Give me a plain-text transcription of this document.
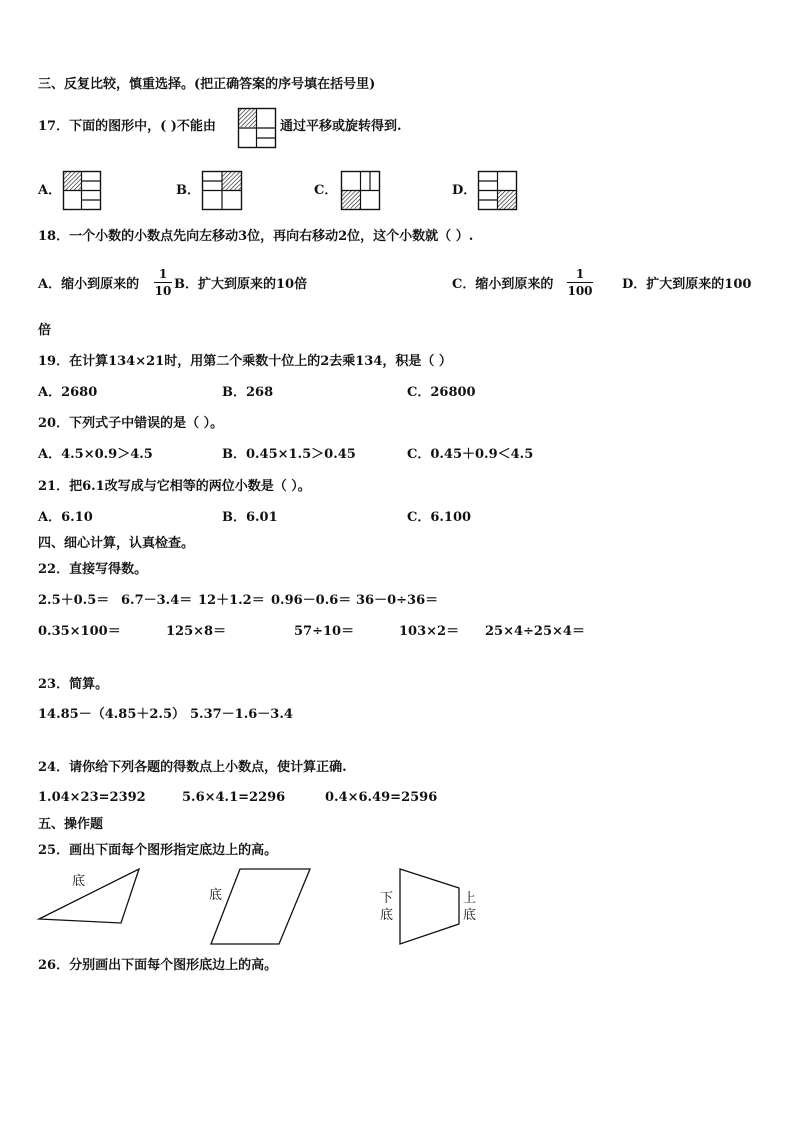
三、反复比较，慎重选择。(把正确答案的序号填在括号里)
17．下面的图形中，( )不能由	通过平移或旋转得到.
A．	B．	C．	D．
18．一个小数的小数点先向左移动3位，再向右移动2位，这个小数就（ ）.
A．缩小到原来的
1
10 B．扩大到原来的10倍	C．缩小到原来的
1
100 D．扩大到原来的100
倍
19．在计算134×21时，用第二个乘数十位上的2去乘134，积是（ ）
A．2680	B．268	C．26800
20．下列式子中错误的是（ ）。
A．4.5×0.9＞4.5	B．0.45×1.5＞0.45	C．0.45＋0.9＜4.5
21．把6.1改写成与它相等的两位小数是（ ）。
A．6.10	B．6.01	C．6.100
四、细心计算，认真检查。
22．直接写得数。
2.5＋0.5＝ 6.7－3.4＝ 12＋1.2＝ 0.96－0.6＝ 36－0÷36＝
0.35×100＝	125×8＝	57÷10＝	103×2＝ 25×4÷25×4＝
23．简算。
14.85－（4.85＋2.5） 5.37－1.6－3.4
24．请你给下列各题的得数点上小数点，使计算正确.
1.04×23=2392	5.6×4.1=2296	0.4×6.49=2596
五、操作题
25．画出下面每个图形指定底边上的高。
底
底	下
底
上
底
26．分别画出下面每个图形底边上的高。
